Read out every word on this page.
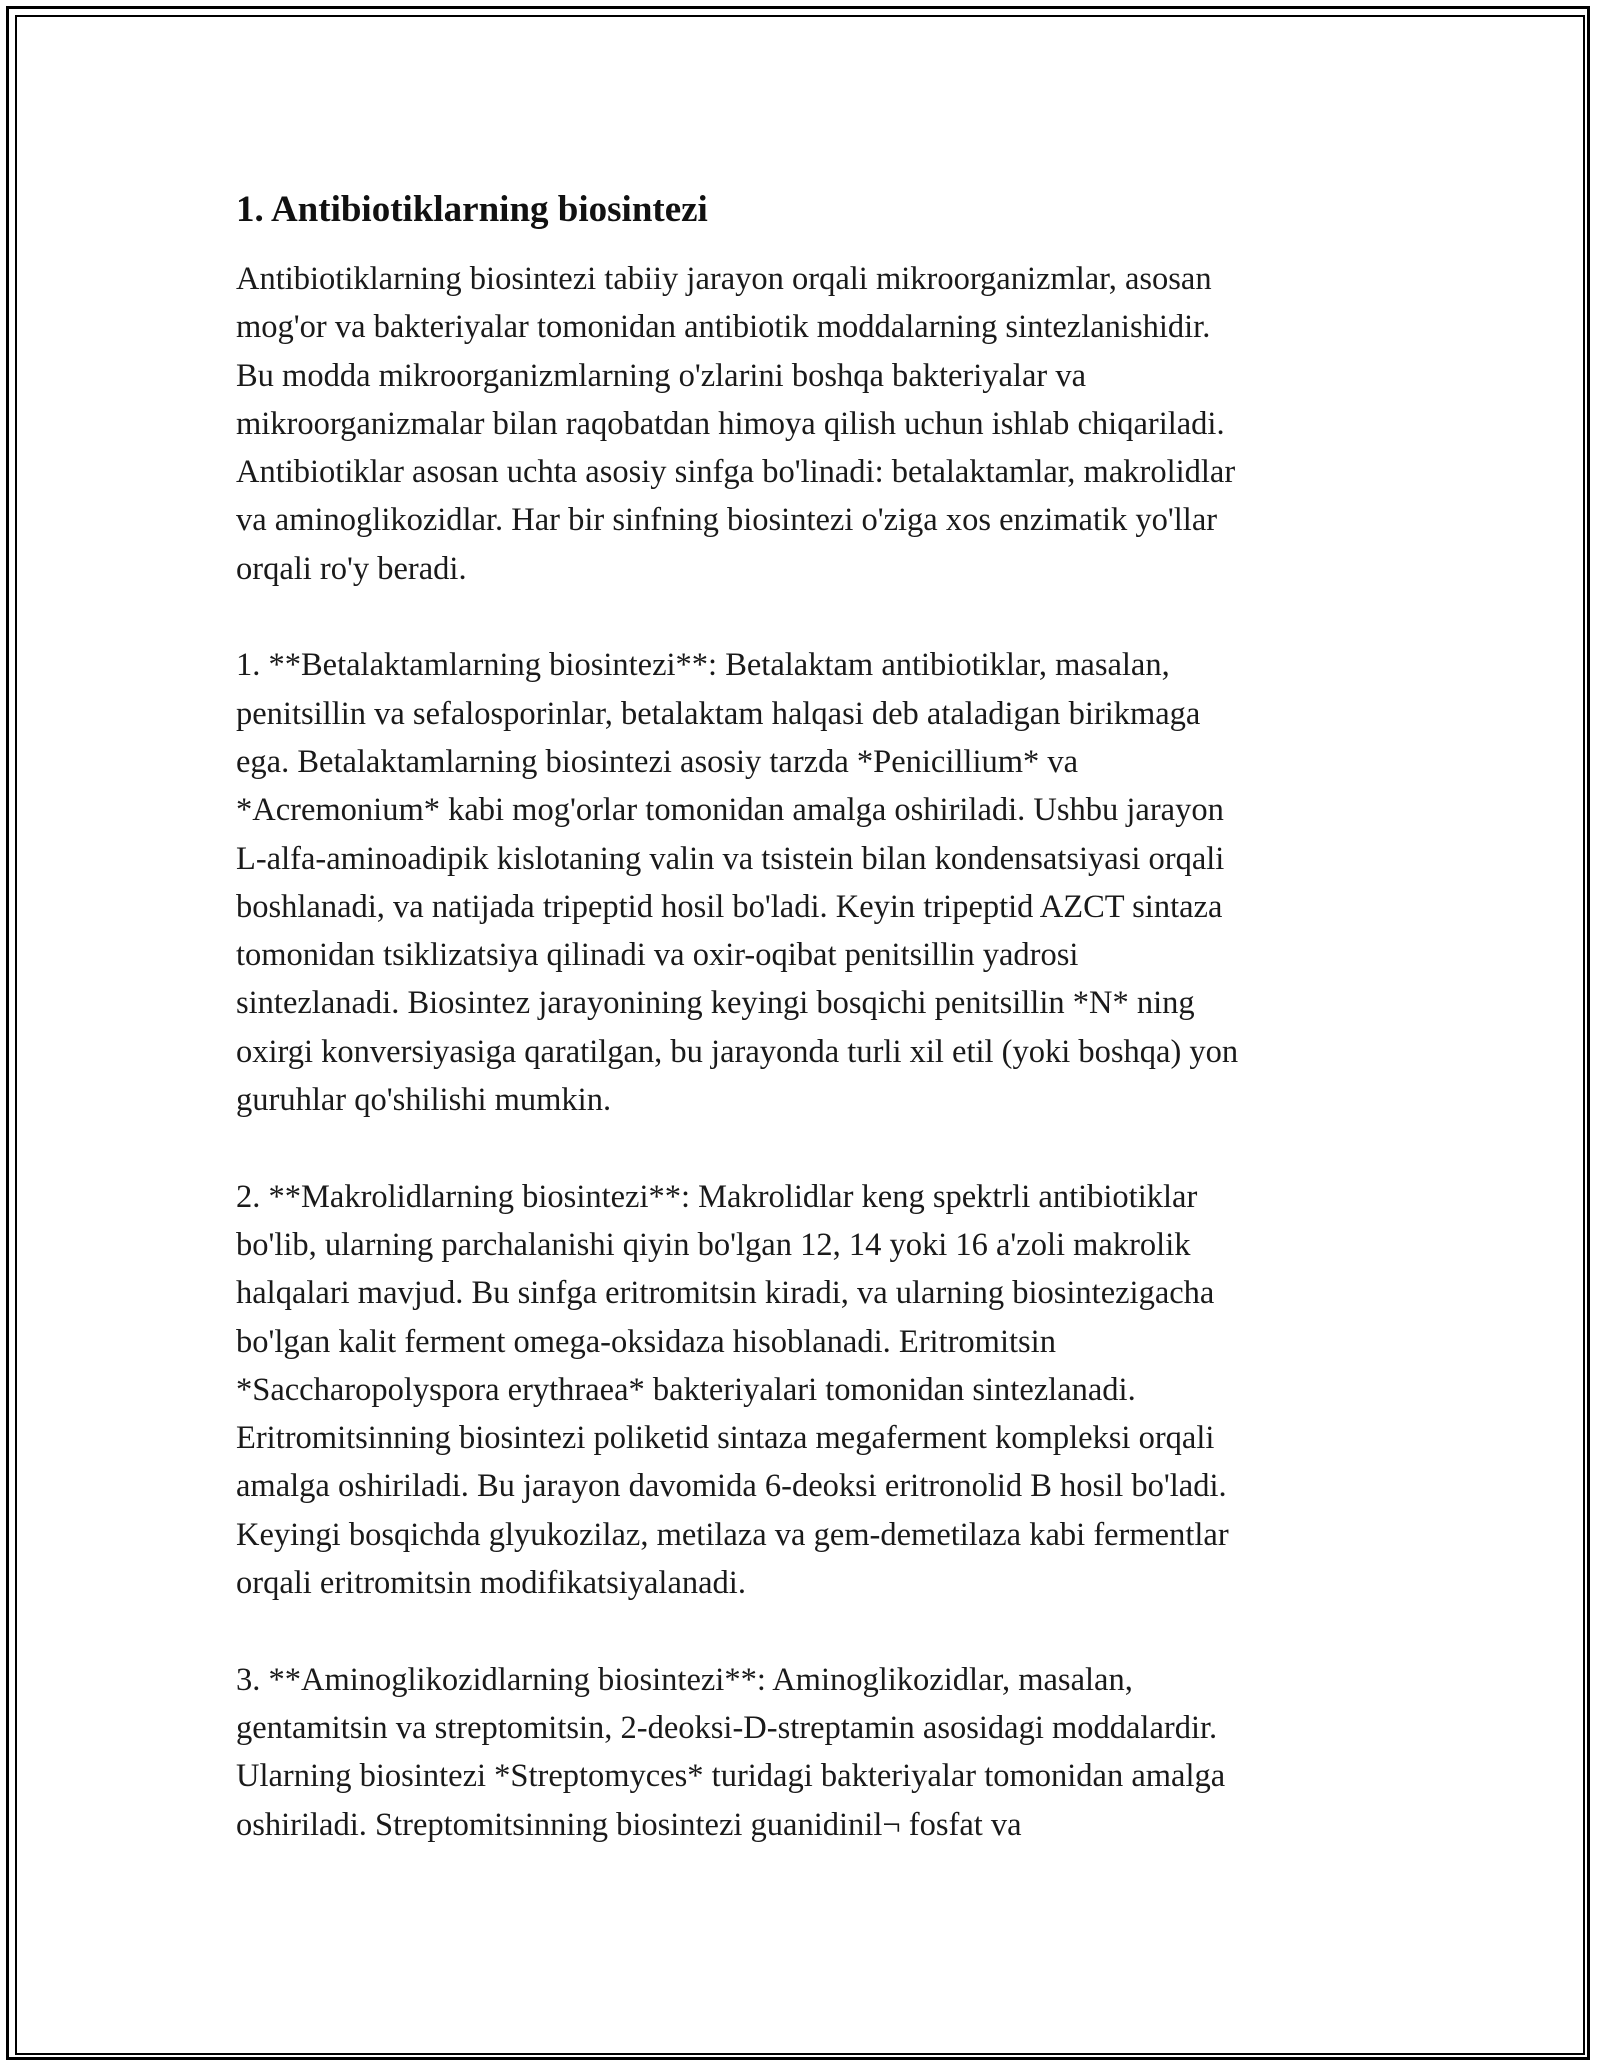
1. Antibiotiklarning biosintezi

Antibiotiklarning biosintezi tabiiy jarayon orqali mikroorganizmlar, asosan
mog'or va bakteriyalar tomonidan antibiotik moddalarning sintezlanishidir.
Bu modda mikroorganizmlarning o'zlarini boshqa bakteriyalar va
mikroorganizmalar bilan raqobatdan himoya qilish uchun ishlab chiqariladi.
Antibiotiklar asosan uchta asosiy sinfga bo'linadi: betalaktamlar, makrolidlar
va aminoglikozidlar. Har bir sinfning biosintezi o'ziga xos enzimatik yo'llar
orqali ro'y beradi.

1. **Betalaktamlarning biosintezi**: Betalaktam antibiotiklar, masalan,
penitsillin va sefalosporinlar, betalaktam halqasi deb ataladigan birikmaga
ega. Betalaktamlarning biosintezi asosiy tarzda *Penicillium* va
*Acremonium* kabi mog'orlar tomonidan amalga oshiriladi. Ushbu jarayon
L-alfa-aminoadipik kislotaning valin va tsistein bilan kondensatsiyasi orqali
boshlanadi, va natijada tripeptid hosil bo'ladi. Keyin tripeptid AZCT sintaza
tomonidan tsiklizatsiya qilinadi va oxir-oqibat penitsillin yadrosi
sintezlanadi. Biosintez jarayonining keyingi bosqichi penitsillin *N* ning
oxirgi konversiyasiga qaratilgan, bu jarayonda turli xil etil (yoki boshqa) yon
guruhlar qo'shilishi mumkin.

2. **Makrolidlarning biosintezi**: Makrolidlar keng spektrli antibiotiklar
bo'lib, ularning parchalanishi qiyin bo'lgan 12, 14 yoki 16 a'zoli makrolik
halqalari mavjud. Bu sinfga eritromitsin kiradi, va ularning biosintezigacha
bo'lgan kalit ferment omega-oksidaza hisoblanadi. Eritromitsin
*Saccharopolyspora erythraea* bakteriyalari tomonidan sintezlanadi.
Eritromitsinning biosintezi poliketid sintaza megaferment kompleksi orqali
amalga oshiriladi. Bu jarayon davomida 6-deoksi eritronolid B hosil bo'ladi.
Keyingi bosqichda glyukozilaz, metilaza va gem-demetilaza kabi fermentlar
orqali eritromitsin modifikatsiyalanadi.

3. **Aminoglikozidlarning biosintezi**: Aminoglikozidlar, masalan,
gentamitsin va streptomitsin, 2-deoksi-D-streptamin asosidagi moddalardir.
Ularning biosintezi *Streptomyces* turidagi bakteriyalar tomonidan amalga
oshiriladi. Streptomitsinning biosintezi guanidinil¬ fosfat va
